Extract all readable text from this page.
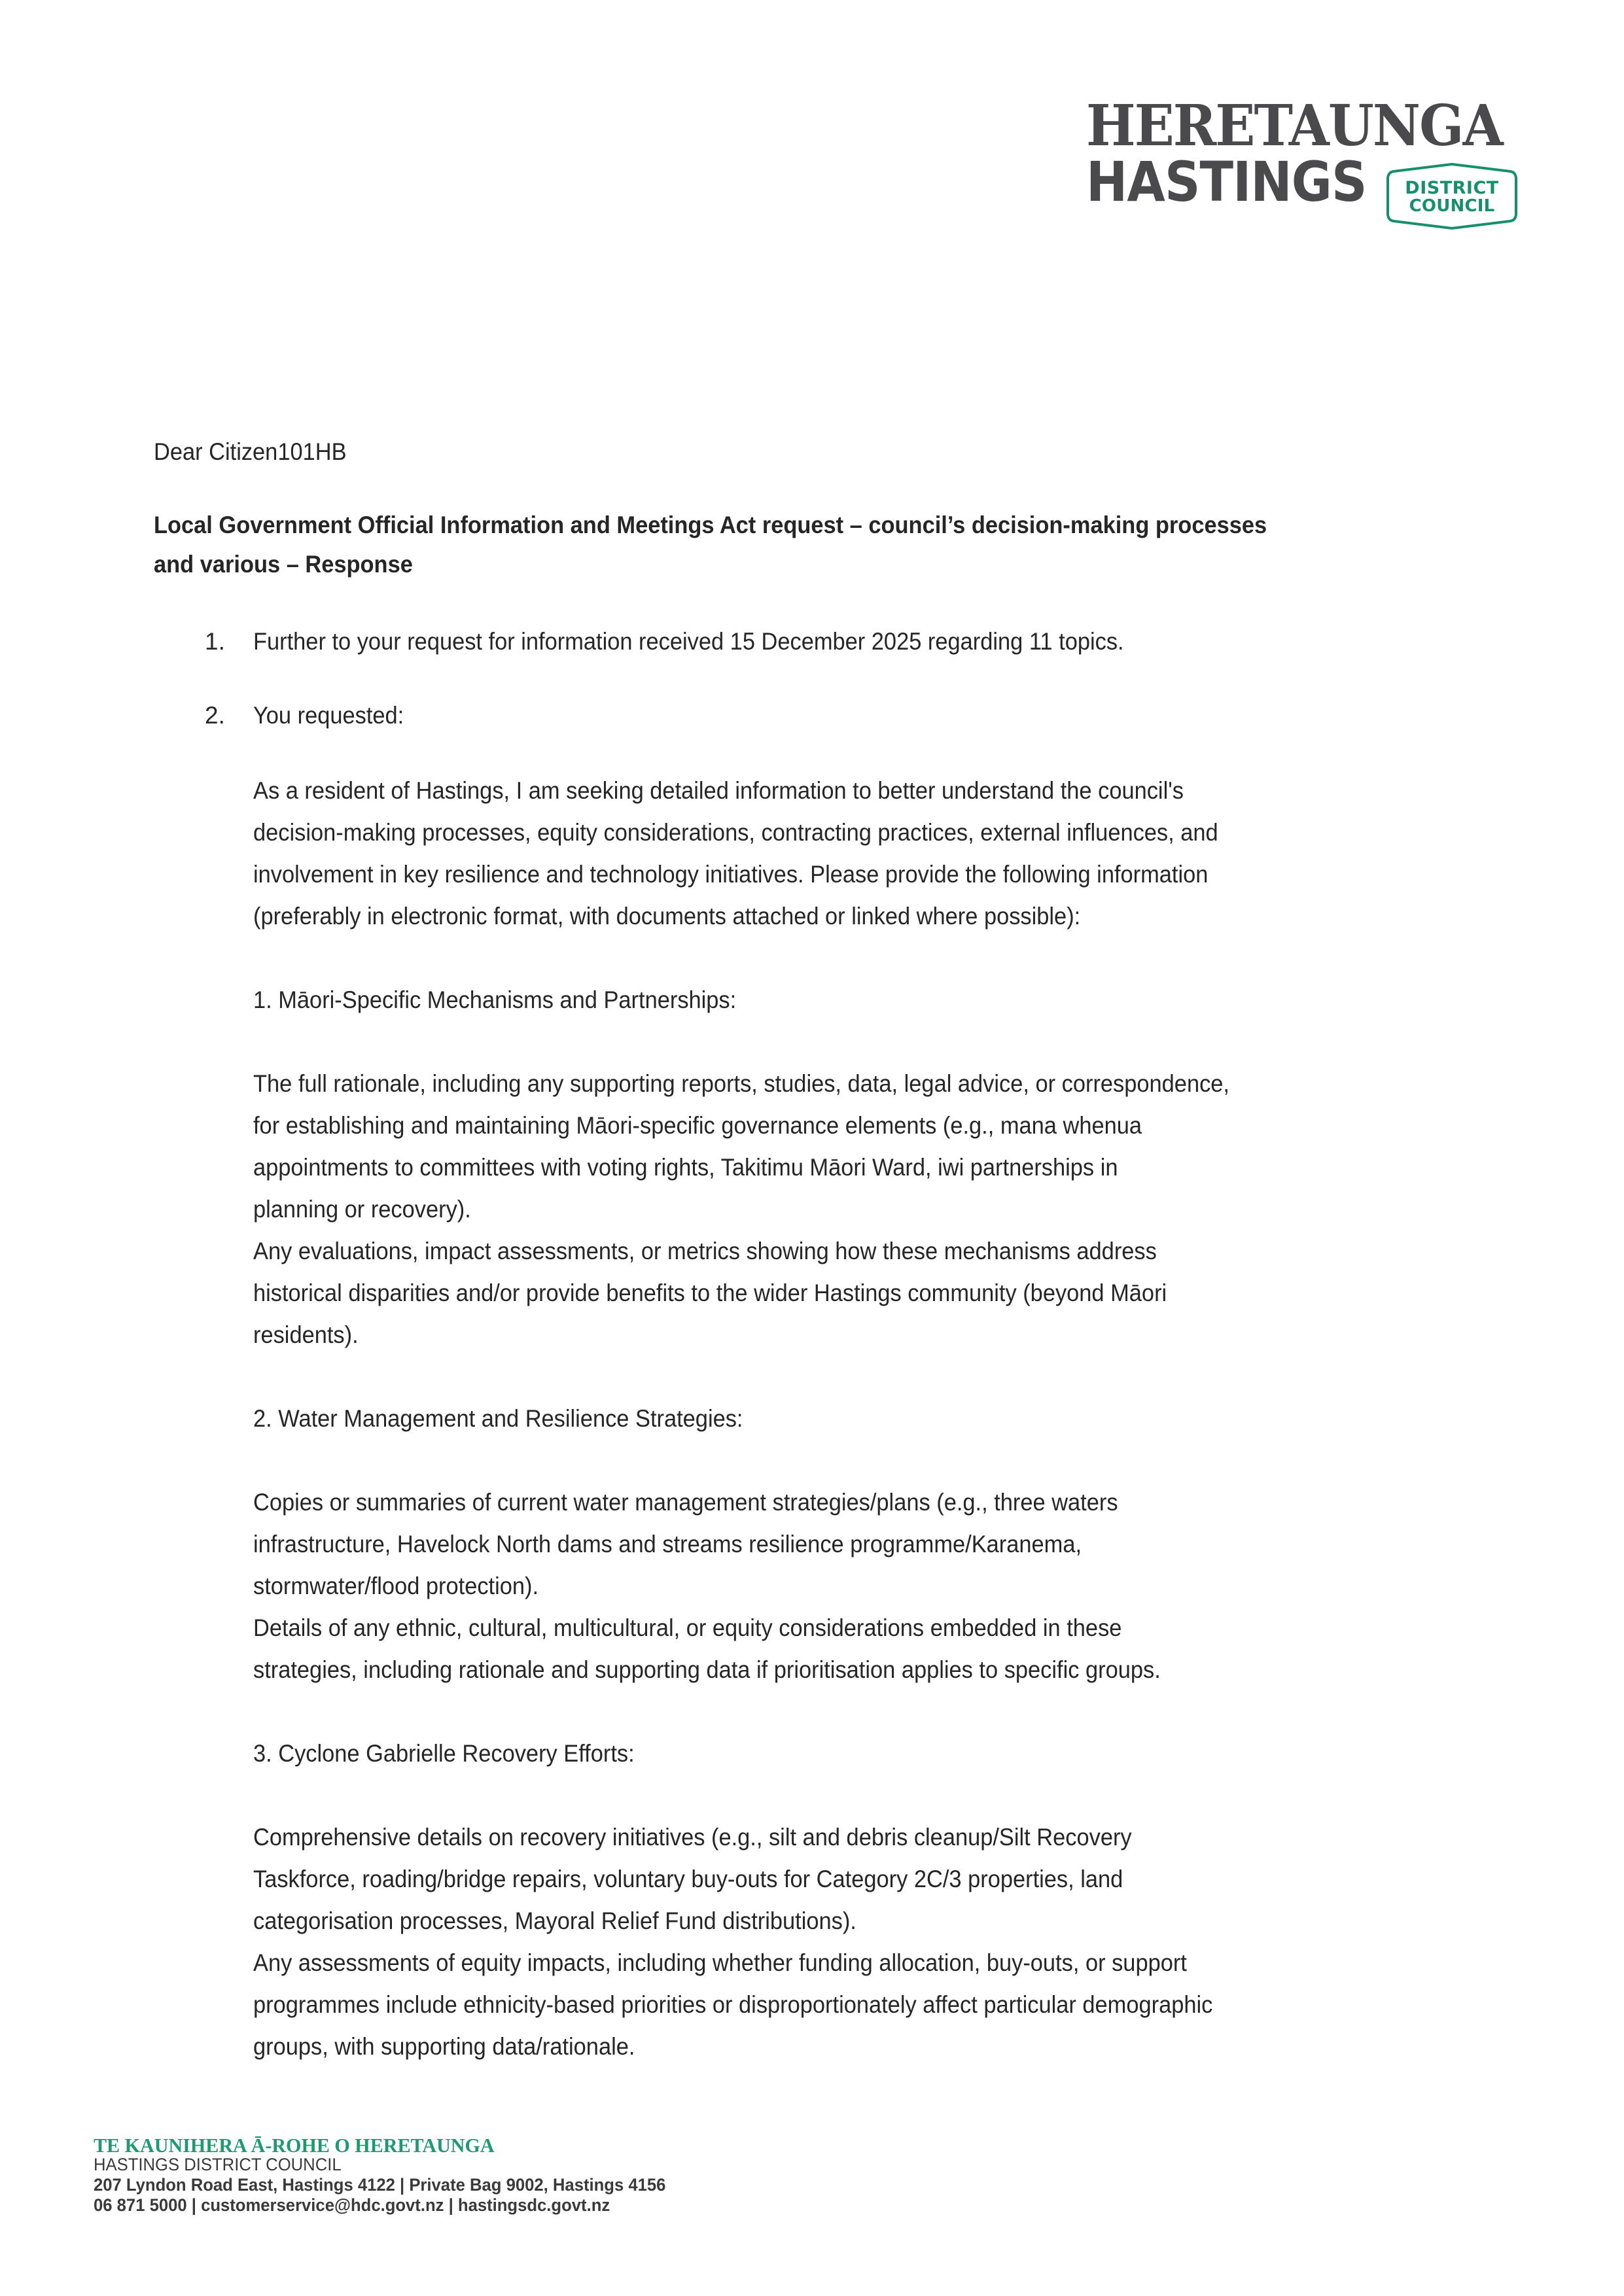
HERETAUNGA
HASTINGS	DISTRICT
COUNCIL
Dear Citizen101HB
Local Government Official Information and Meetings Act request – council’s decision-making processes
and various – Response
1. Further to your request for information received 15 December 2025 regarding 11 topics.
2. You requested:
As a resident of Hastings, I am seeking detailed information to better understand the council's
decision-making processes, equity considerations, contracting practices, external influences, and
involvement in key resilience and technology initiatives. Please provide the following information
(preferably in electronic format, with documents attached or linked where possible):
1. Māori-Specific Mechanisms and Partnerships:
The full rationale, including any supporting reports, studies, data, legal advice, or correspondence,
for establishing and maintaining Māori-specific governance elements (e.g., mana whenua
appointments to committees with voting rights, Takitimu Māori Ward, iwi partnerships in
planning or recovery).
Any evaluations, impact assessments, or metrics showing how these mechanisms address
historical disparities and/or provide benefits to the wider Hastings community (beyond Māori
residents).
2. Water Management and Resilience Strategies:
Copies or summaries of current water management strategies/plans (e.g., three waters
infrastructure, Havelock North dams and streams resilience programme/Karanema,
stormwater/flood protection).
Details of any ethnic, cultural, multicultural, or equity considerations embedded in these
strategies, including rationale and supporting data if prioritisation applies to specific groups.
3. Cyclone Gabrielle Recovery Efforts:
Comprehensive details on recovery initiatives (e.g., silt and debris cleanup/Silt Recovery
Taskforce, roading/bridge repairs, voluntary buy-outs for Category 2C/3 properties, land
categorisation processes, Mayoral Relief Fund distributions).
Any assessments of equity impacts, including whether funding allocation, buy-outs, or support
programmes include ethnicity-based priorities or disproportionately affect particular demographic
groups, with supporting data/rationale.
TE KAUNIHERA Ā-ROHE O HERETAUNGA
HASTINGS DISTRICT COUNCIL
207 Lyndon Road East, Hastings 4122 | Private Bag 9002, Hastings 4156
06 871 5000 | customerservice@hdc.govt.nz | hastingsdc.govt.nz
